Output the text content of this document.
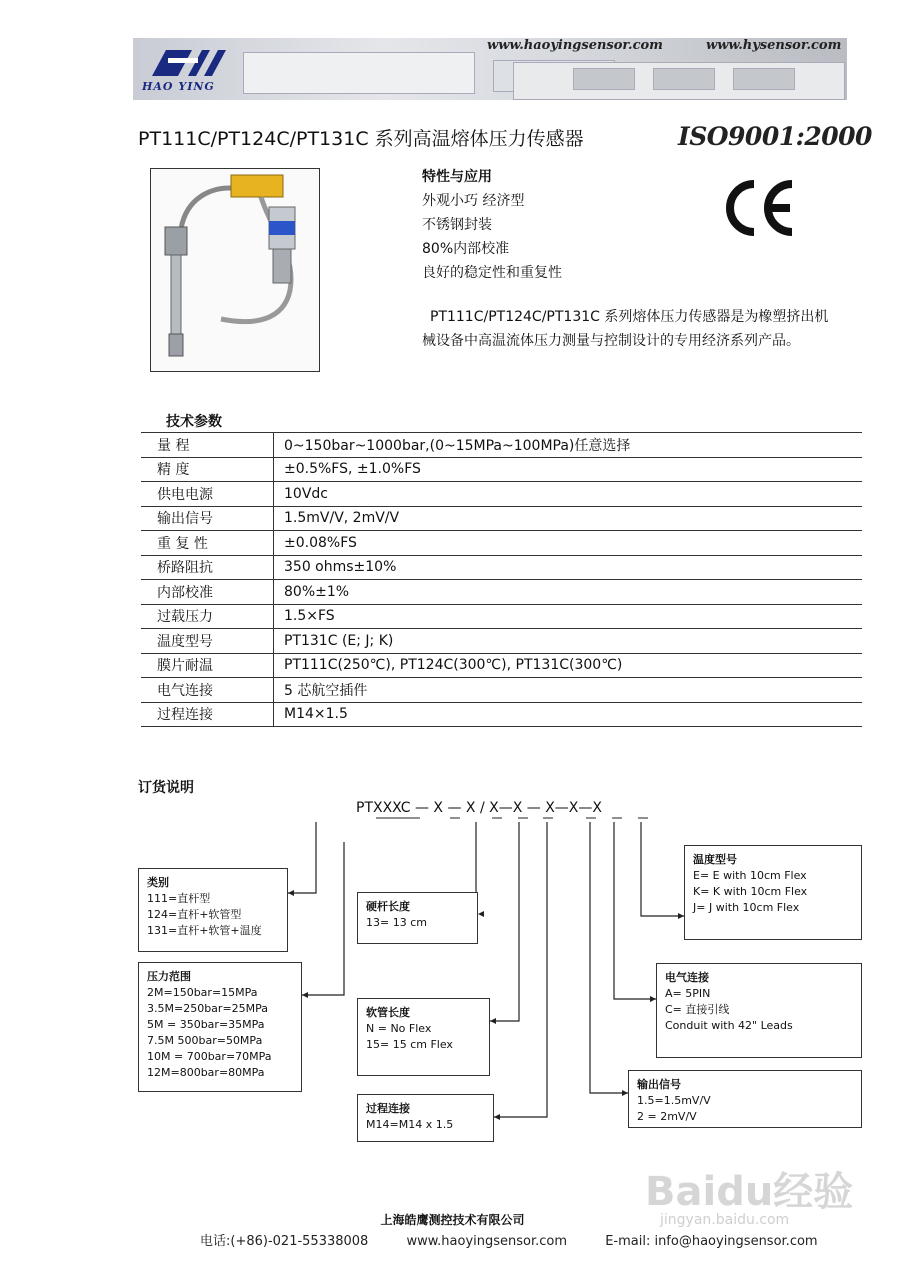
HAO YING
www.haoyingsensor.com	www.hysensor.com
PT111C/PT124C/PT131C 系列高温熔体压力传感器	ISO9001:2000
特性与应用
外观小巧 经济型
不锈钢封装
80%内部校准
良好的稳定性和重复性
PT111C/PT124C/PT131C 系列熔体压力传感器是为橡塑挤出机械设备中高温流体压力测量与控制设计的专用经济系列产品。
技术参数
量 程	0~150bar~1000bar,(0~15MPa~100MPa)任意选择
精 度	±0.5%FS, ±1.0%FS
供电电源	10Vdc
输出信号	1.5mV/V, 2mV/V
重 复 性	±0.08%FS
桥路阻抗	350 ohms±10%
内部校准	80%±1%
过载压力	1.5×FS
温度型号	PT131C (E; J; K)
膜片耐温	PT111C(250℃), PT124C(300℃), PT131C(300℃)
电气连接	5 芯航空插件
过程连接	M14×1.5
订货说明
PTXXXC — X — X / X—X — X—X—X
类别
111=直杆型
124=直杆+软管型
131=直杆+软管+温度
压力范围
2M=150bar=15MPa
3.5M=250bar=25MPa
5M = 350bar=35MPa
7.5M 500bar=50MPa
10M = 700bar=70MPa
12M=800bar=80MPa
硬杆长度
13= 13 cm
软管长度
N = No Flex
15= 15 cm Flex
过程连接
M14=M14 x 1.5
温度型号
E= E with 10cm Flex
K= K with 10cm Flex
J= J with 10cm Flex
电气连接
A= 5PIN
C= 直接引线
Conduit with 42" Leads
输出信号
1.5=1.5mV/V
2 = 2mV/V
Baidu经验
jingyan.baidu.com
上海皓鹰测控技术有限公司
电话:(+86)-021-55338008	www.haoyingsensor.com	E-mail: info@haoyingsensor.com
